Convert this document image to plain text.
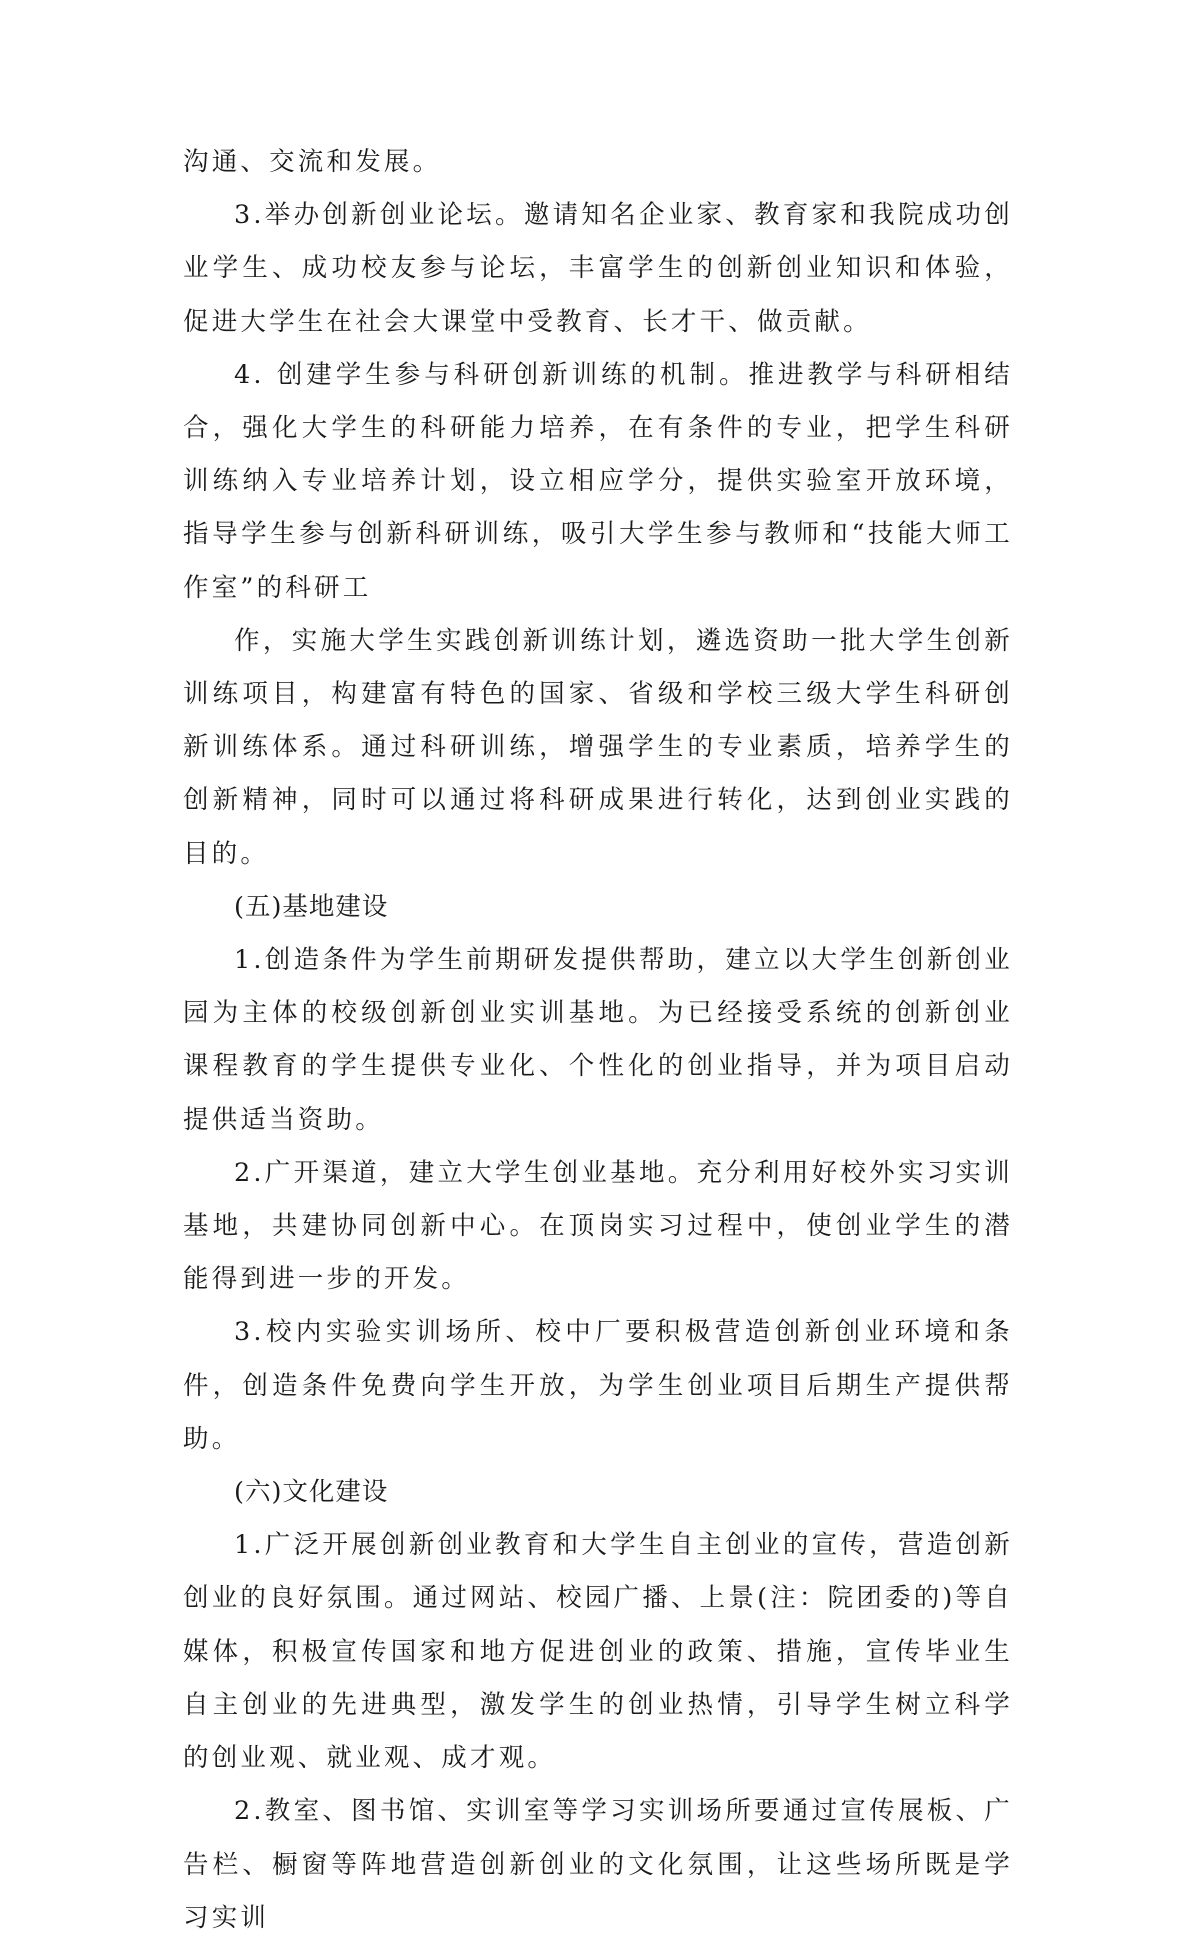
沟通、交流和发展。

3.举办创新创业论坛。邀请知名企业家、教育家和我院成功创业学生、成功校友参与论坛，丰富学生的创新创业知识和体验，促进大学生在社会大课堂中受教育、长才干、做贡献。

4. 创建学生参与科研创新训练的机制。推进教学与科研相结合，强化大学生的科研能力培养，在有条件的专业，把学生科研训练纳入专业培养计划，设立相应学分，提供实验室开放环境，指导学生参与创新科研训练，吸引大学生参与教师和“技能大师工作室”的科研工

作，实施大学生实践创新训练计划，遴选资助一批大学生创新训练项目，构建富有特色的国家、省级和学校三级大学生科研创新训练体系。通过科研训练，增强学生的专业素质，培养学生的创新精神，同时可以通过将科研成果进行转化，达到创业实践的目的。

(五)基地建设

1.创造条件为学生前期研发提供帮助，建立以大学生创新创业园为主体的校级创新创业实训基地。为已经接受系统的创新创业课程教育的学生提供专业化、个性化的创业指导，并为项目启动提供适当资助。

2.广开渠道，建立大学生创业基地。充分利用好校外实习实训基地，共建协同创新中心。在顶岗实习过程中，使创业学生的潜能得到进一步的开发。

3.校内实验实训场所、校中厂要积极营造创新创业环境和条件，创造条件免费向学生开放，为学生创业项目后期生产提供帮助。

(六)文化建设

1.广泛开展创新创业教育和大学生自主创业的宣传，营造创新创业的良好氛围。通过网站、校园广播、上景(注：院团委的)等自媒体，积极宣传国家和地方促进创业的政策、措施，宣传毕业生自主创业的先进典型，激发学生的创业热情，引导学生树立科学的创业观、就业观、成才观。

2.教室、图书馆、实训室等学习实训场所要通过宣传展板、广告栏、橱窗等阵地营造创新创业的文化氛围，让这些场所既是学习实训
